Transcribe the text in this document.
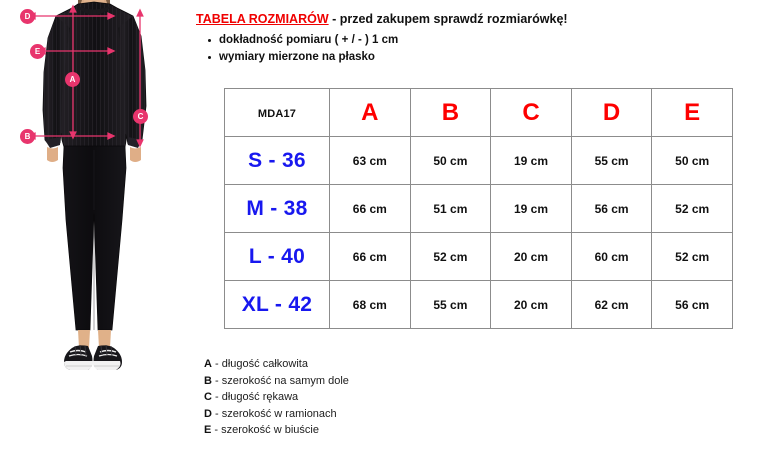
D
E
A
B
C
TABELA ROZMIARÓW - przed zakupem sprawdź rozmiarówkę!
dokładność pomiaru ( + / - ) 1 cm
wymiary mierzone na płasko
MDA17	A	B	C	D	E
S - 36	63 cm	50 cm	19 cm	55 cm	50 cm
M - 38	66 cm	51 cm	19 cm	56 cm	52 cm
L - 40	66 cm	52 cm	20 cm	60 cm	52 cm
XL - 42	68 cm	55 cm	20 cm	62 cm	56 cm
A - długość całkowita
B - szerokość na samym dole
C - długość rękawa
D - szerokość w ramionach
E - szerokość w biuście
